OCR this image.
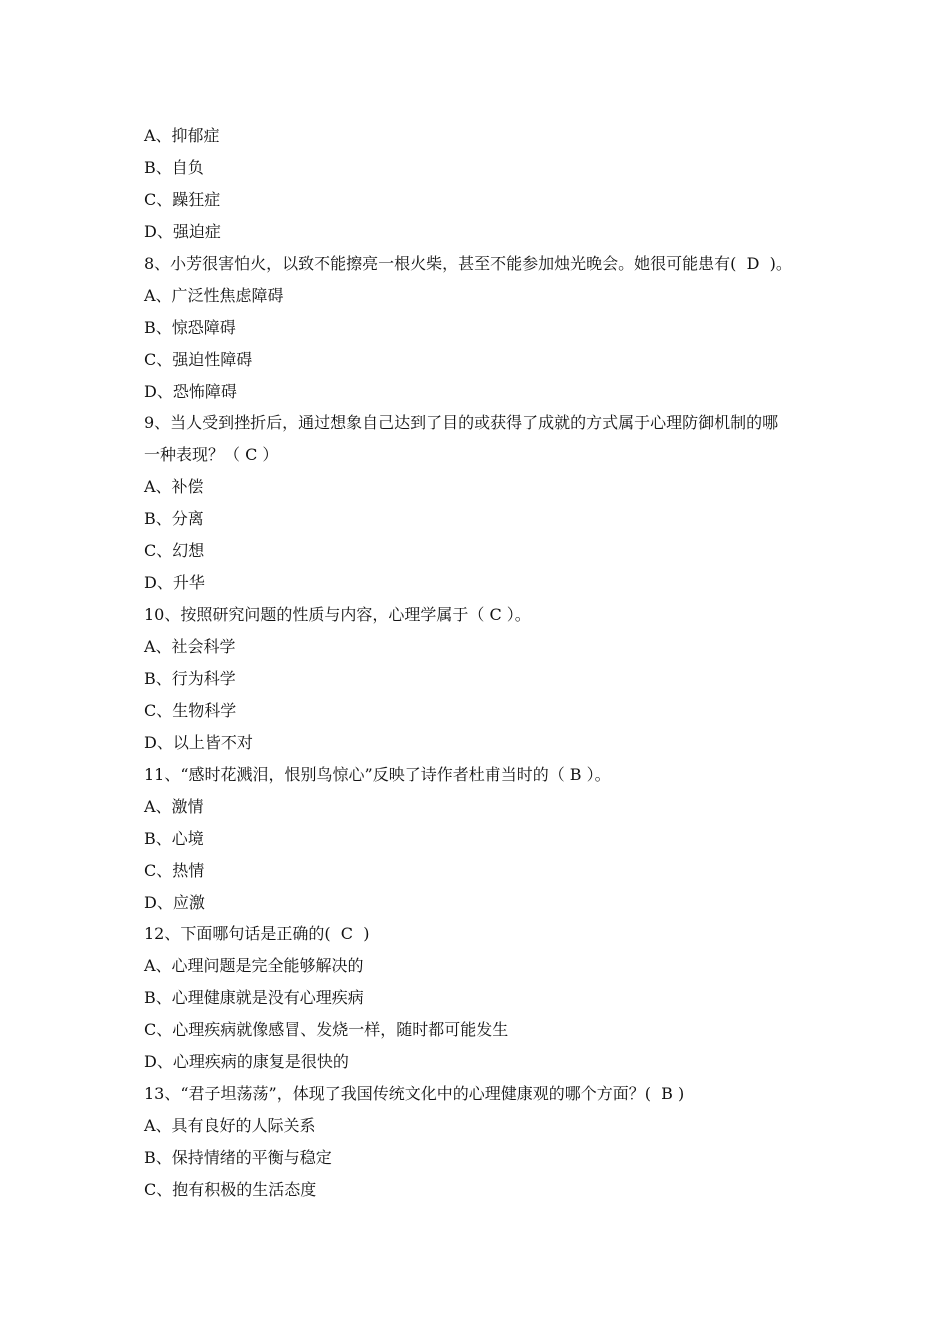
A、抑郁症
B、自负
C、躁狂症
D、强迫症
8、小芳很害怕火，以致不能擦亮一根火柴，甚至不能参加烛光晚会。她很可能患有(  D  )。
A、广泛性焦虑障碍
B、惊恐障碍
C、强迫性障碍
D、恐怖障碍
9、当人受到挫折后，通过想象自己达到了目的或获得了成就的方式属于心理防御机制的哪
一种表现？（ C ）
A、补偿
B、分离
C、幻想
D、升华
10、按照研究问题的性质与内容，心理学属于（ C ）。
A、社会科学
B、行为科学
C、生物科学
D、以上皆不对
11、“感时花溅泪，恨别鸟惊心”反映了诗作者杜甫当时的（ B ）。
A、激情
B、心境
C、热情
D、应激
12、下面哪句话是正确的(  C  )
A、心理问题是完全能够解决的
B、心理健康就是没有心理疾病
C、心理疾病就像感冒、发烧一样，随时都可能发生
D、心理疾病的康复是很快的
13、“君子坦荡荡”，体现了我国传统文化中的心理健康观的哪个方面？(  B )
A、具有良好的人际关系
B、保持情绪的平衡与稳定
C、抱有积极的生活态度
